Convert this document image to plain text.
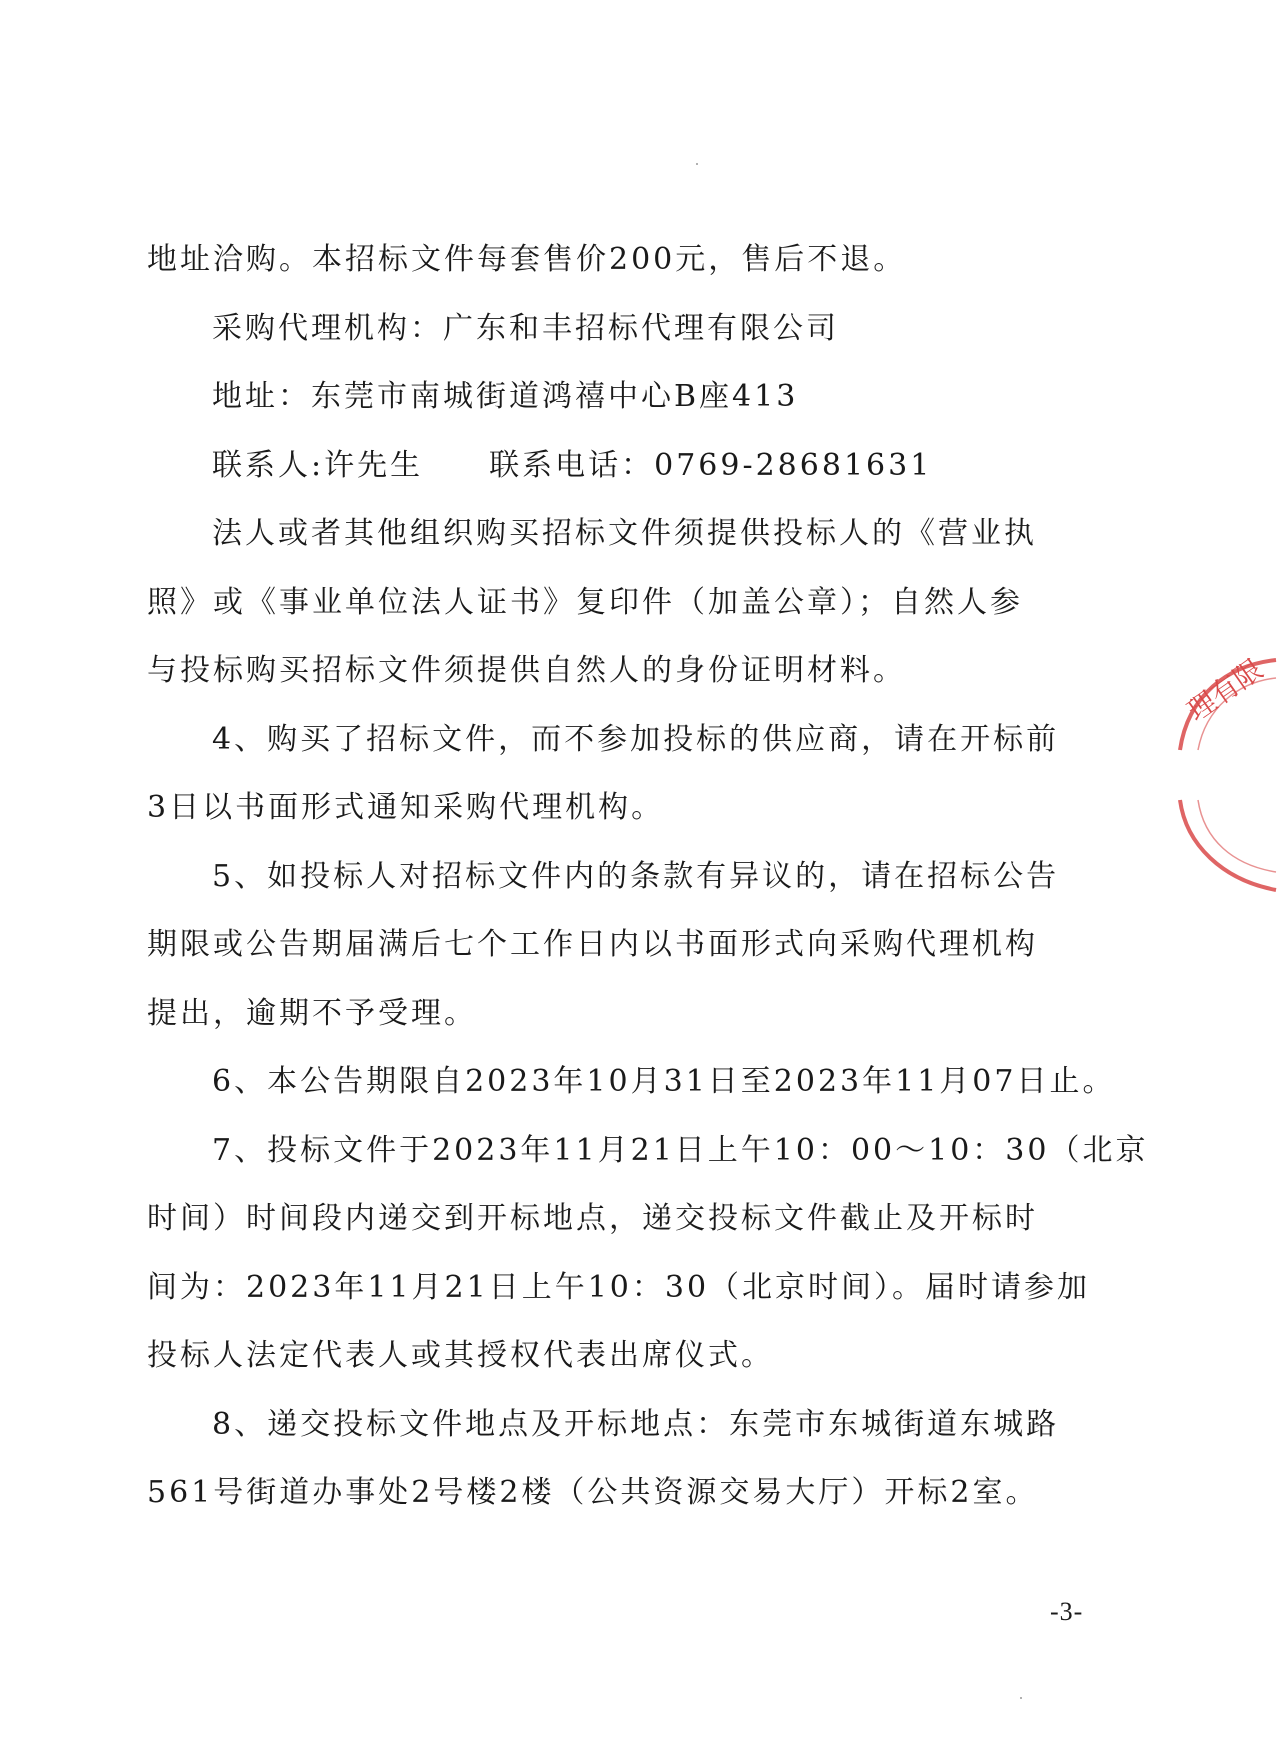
地址洽购。本招标文件每套售价200元，售后不退。

采购代理机构：广东和丰招标代理有限公司

地址：东莞市南城街道鸿禧中心B座413

联系人:许先生 联系电话：0769-28681631

法人或者其他组织购买招标文件须提供投标人的《营业执

照》或《事业单位法人证书》复印件（加盖公章）；自然人参

与投标购买招标文件须提供自然人的身份证明材料。

4、购买了招标文件，而不参加投标的供应商，请在开标前

3日以书面形式通知采购代理机构。

5、如投标人对招标文件内的条款有异议的，请在招标公告

期限或公告期届满后七个工作日内以书面形式向采购代理机构

提出，逾期不予受理。

6、本公告期限自2023年10月31日至2023年11月07日止。

7、投标文件于2023年11月21日上午10：00～10：30（北京

时间）时间段内递交到开标地点，递交投标文件截止及开标时

间为：2023年11月21日上午10：30（北京时间）。届时请参加

投标人法定代表人或其授权代表出席仪式。

8、递交投标文件地点及开标地点：东莞市东城街道东城路

561号街道办事处2号楼2楼（公共资源交易大厅）开标2室。

理有限
-3-
